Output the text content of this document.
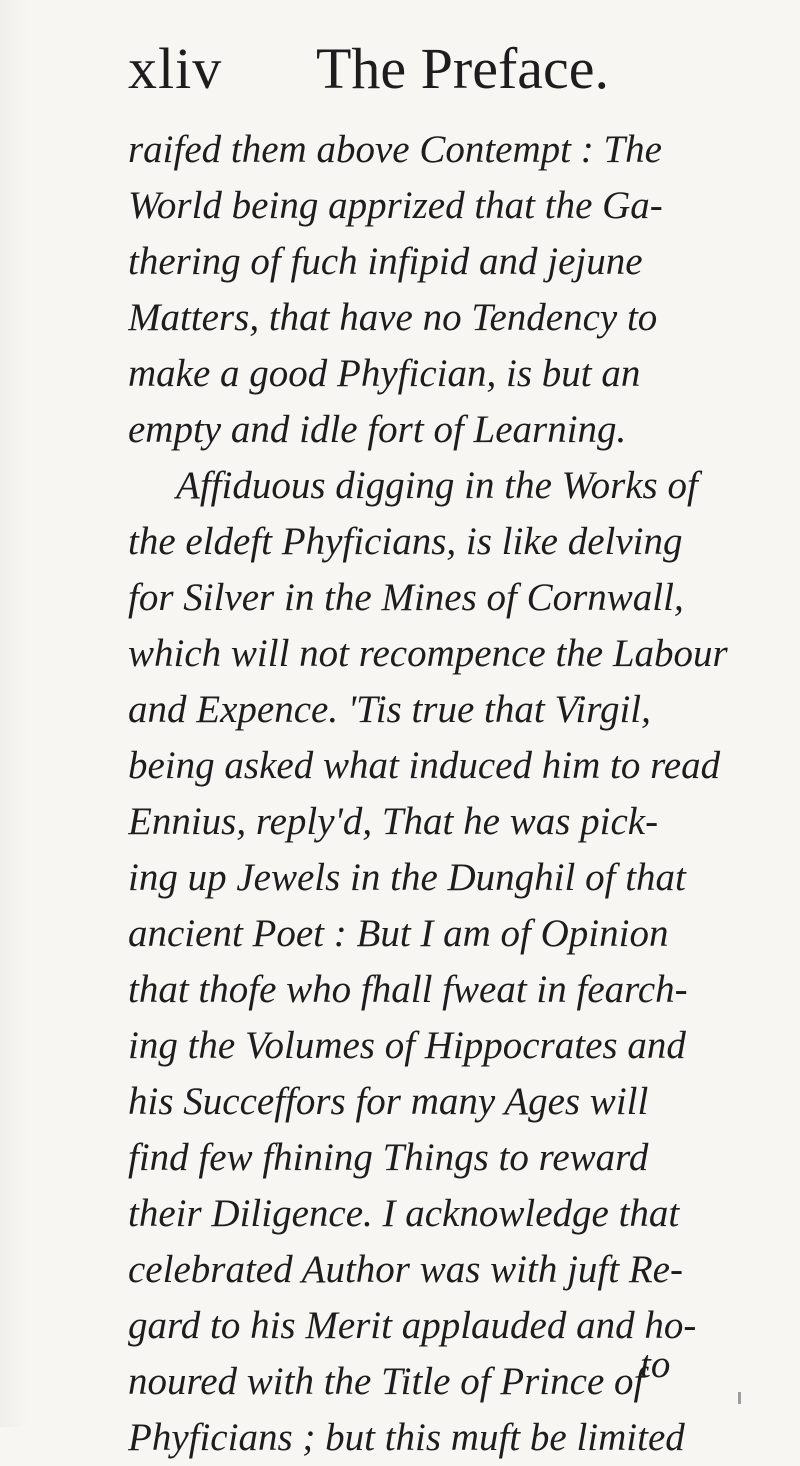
xliv The Preface.
raifed them above Contempt : The
World being apprized that the Ga-
thering of fuch infipid and jejune
Matters, that have no Tendency to
make a good Phyfician, is but an
empty and idle fort of Learning.
Affiduous digging in the Works of
the eldeft Phyficians, is like delving
for Silver in the Mines of Cornwall,
which will not recompence the Labour
and Expence. 'Tis true that Virgil,
being asked what induced him to read
Ennius, reply'd, That he was pick-
ing up Jewels in the Dunghil of that
ancient Poet : But I am of Opinion
that thofe who fhall fweat in fearch-
ing the Volumes of Hippocrates and
his Succeffors for many Ages will
find few fhining Things to reward
their Diligence. I acknowledge that
celebrated Author was with juft Re-
gard to his Merit applauded and ho-
noured with the Title of Prince of
Phyficians ; but this muft be limited
to
